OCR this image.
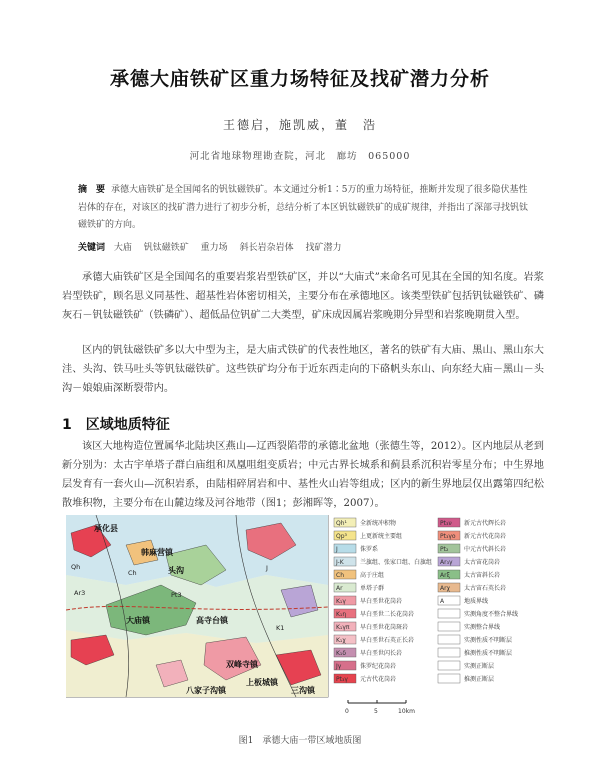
承德大庙铁矿区重力场特征及找矿潜力分析
王德启，施凯威，董　浩
河北省地球物理勘查院，河北　廊坊　065000
摘　要 承德大庙铁矿是全国闻名的钒钛磁铁矿。本文通过分析1∶5万的重力场特征，推断并发现了很多隐伏基性岩体的存在，对该区的找矿潜力进行了初步分析，总结分析了本区钒钛磁铁矿的成矿规律，并指出了深部寻找钒钛磁铁矿的方向。
关键词 大庙 钒钛磁铁矿 重力场 斜长岩杂岩体 找矿潜力
承德大庙铁矿区是全国闻名的重要岩浆岩型铁矿区，并以“大庙式”来命名可见其在全国的知名度。岩浆岩型铁矿，顾名思义同基性、超基性岩体密切相关，主要分布在承德地区。该类型铁矿包括钒钛磁铁矿、磷灰石－钒钛磁铁矿（铁磷矿）、超低品位钒矿二大类型，矿床成因属岩浆晚期分异型和岩浆晚期贯入型。
区内的钒钛磁铁矿多以大中型为主，是大庙式铁矿的代表性地区，著名的铁矿有大庙、黑山、黑山东大洼、头沟、铁马吐头等钒钛磁铁矿。这些铁矿均分布于近东西走向的下硌帆头东山、向东经大庙－黑山－头沟－娘娘庙深断裂带内。
1 区域地质特征
该区大地构造位置属华北陆块区燕山—辽西裂陷带的承德北盆地（张德生等，2012）。区内地层从老到新分别为：太古宇单塔子群白庙组和凤凰咀组变质岩；中元古界长城系和蓟县系沉积岩零星分布；中生界地层发育有一套火山—沉积岩系，由陆相碎屑岩和中、基性火山岩等组成；区内的新生界地层仅出露第四纪松散堆积物，主要分布在山麓边缘及河谷地带（图1；彭湘晖等，2007）。
承化县
韩麻营镇
头沟
大庙镇	高寺台镇
双峰寺镇
上板城镇
八家子沟镇	三沟镇
Qh
Ch
J
K1
Pt3
Ar3
0	5	10km
Qh¹ 全新统冲积物
Qp³ 上更新统主要组
J	侏罗系
J-K	兰旗组、张家口组、白旗组
Ch	高于庄组
Ar	单塔子群
K₁γ 早白垩世花岗岩
K₁η 早白垩世二长花岗岩
K₁γπ 早白垩世花岗斑岩
K₁χ 早白垩世石英正长岩
K₁δ 早白垩世闪长岩
Jγ	侏罗纪花岗岩
Pt₃γ 元古代花岗岩
Pt₃ν 新元古代辉长岩
Pt₃γο 新元古代花岗岩
Pt₂	中元古代斜长岩
Ar₃γ 太古宙花岗岩
Arξ 太古宙斜长岩
Arχ 太古宙石英长岩
A	地质界线
实测角度不整合界线
实测整合界线
实测性质不明断层
推测性质不明断层
实测正断层
推测正断层
图1　承德大庙一带区域地质图
